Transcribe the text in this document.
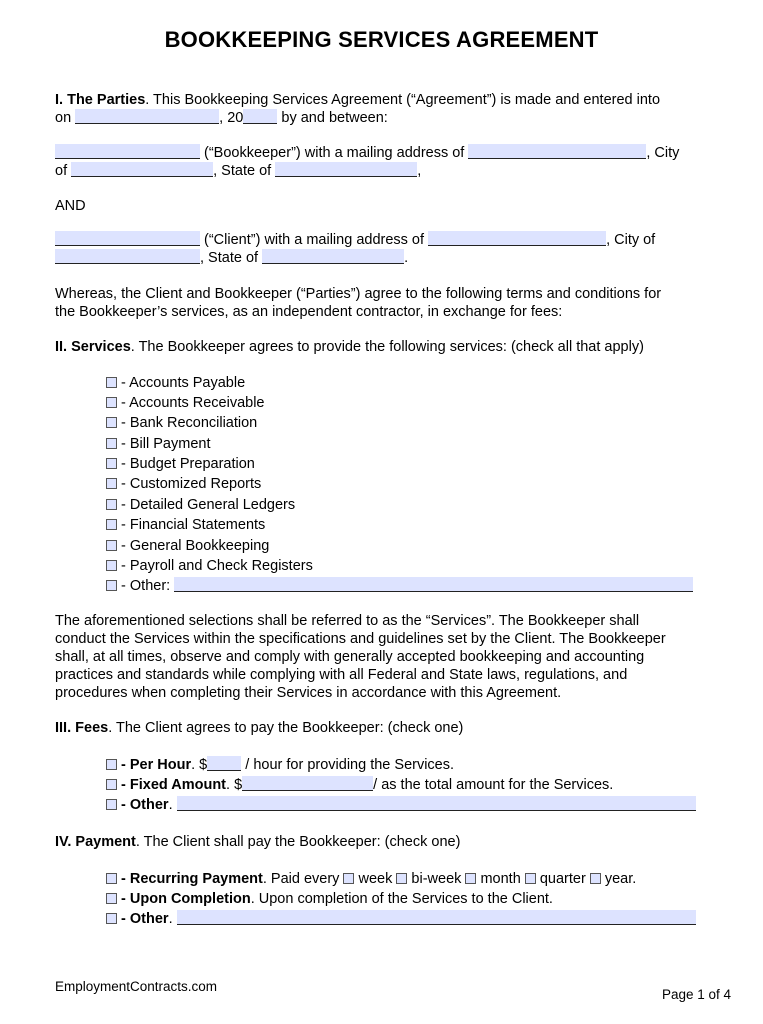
BOOKKEEPING SERVICES AGREEMENT
I. The Parties. This Bookkeeping Services Agreement (“Agreement”) is made and entered into
on	, 20 by and between:
(“Bookkeeper”) with a mailing address of	, City
of	, State of	,
AND
(“Client”) with a mailing address of	, City of
, State of	.
Whereas, the Client and Bookkeeper (“Parties”) agree to the following terms and conditions for
the Bookkeeper’s services, as an independent contractor, in exchange for fees:
II. Services. The Bookkeeper agrees to provide the following services: (check all that apply)
- Accounts Payable
- Accounts Receivable
- Bank Reconciliation
- Bill Payment
- Budget Preparation
- Customized Reports
- Detailed General Ledgers
- Financial Statements
- General Bookkeeping
- Payroll and Check Registers
- Other:
The aforementioned selections shall be referred to as the “Services”. The Bookkeeper shall
conduct the Services within the specifications and guidelines set by the Client. The Bookkeeper
shall, at all times, observe and comply with generally accepted bookkeeping and accounting
practices and standards while complying with all Federal and State laws, regulations, and
procedures when completing their Services in accordance with this Agreement.
III. Fees. The Client agrees to pay the Bookkeeper: (check one)
- Per Hour. $ / hour for providing the Services.
- Fixed Amount. $	/ as the total amount for the Services.
- Other.
IV. Payment. The Client shall pay the Bookkeeper: (check one)
- Recurring Payment. Paid every week bi-week month quarter year.
- Upon Completion. Upon completion of the Services to the Client.
- Other.
EmploymentContracts.com
Page 1 of 4
